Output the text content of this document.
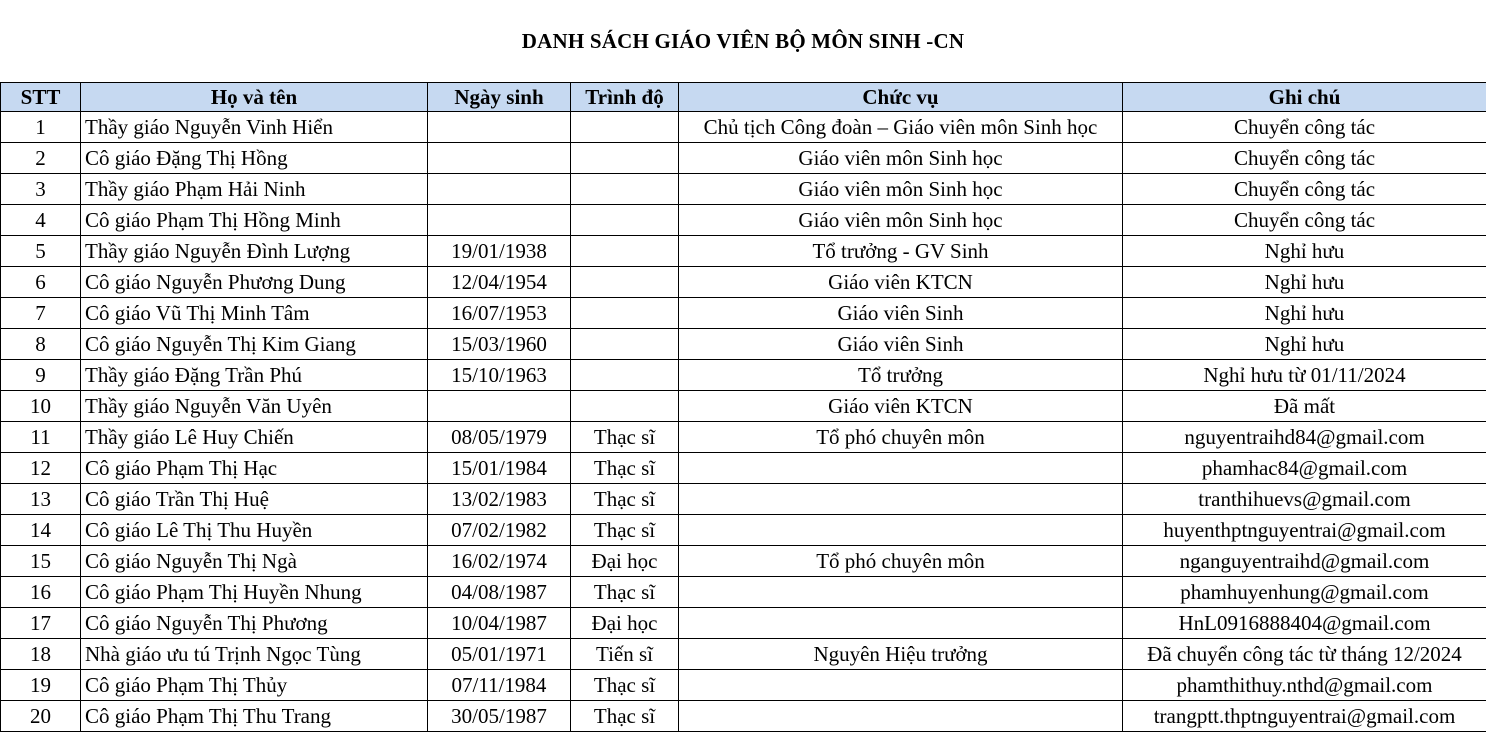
DANH SÁCH GIÁO VIÊN BỘ MÔN SINH -CN
STT	Họ và tên	Ngày sinh	Trình độ	Chức vụ	Ghi chú
1	Thầy giáo Nguyễn Vinh Hiển			Chủ tịch Công đoàn – Giáo viên môn Sinh học	Chuyển công tác
2	Cô giáo Đặng Thị Hồng			Giáo viên môn Sinh học	Chuyển công tác
3	Thầy giáo Phạm Hải Ninh			Giáo viên môn Sinh học	Chuyển công tác
4	Cô giáo Phạm Thị Hồng Minh			Giáo viên môn Sinh học	Chuyển công tác
5	Thầy giáo Nguyễn Đình Lượng	19/01/1938		Tổ trưởng - GV Sinh	Nghỉ hưu
6	Cô giáo Nguyễn Phương Dung	12/04/1954		Giáo viên KTCN	Nghỉ hưu
7	Cô giáo Vũ Thị Minh Tâm	16/07/1953		Giáo viên Sinh	Nghỉ hưu
8	Cô giáo Nguyễn Thị Kim Giang	15/03/1960		Giáo viên Sinh	Nghỉ hưu
9	Thầy giáo Đặng Trần Phú	15/10/1963		Tổ trưởng	Nghỉ hưu từ 01/11/2024
10	Thầy giáo Nguyễn Văn Uyên			Giáo viên KTCN	Đã mất
11	Thầy giáo Lê Huy Chiến	08/05/1979	Thạc sĩ	Tổ phó chuyên môn	nguyentraihd84@gmail.com
12	Cô giáo Phạm Thị Hạc	15/01/1984	Thạc sĩ		phamhac84@gmail.com
13	Cô giáo Trần Thị Huệ	13/02/1983	Thạc sĩ		tranthihuevs@gmail.com
14	Cô giáo Lê Thị Thu Huyền	07/02/1982	Thạc sĩ		huyenthptnguyentrai@gmail.com
15	Cô giáo Nguyễn Thị Ngà	16/02/1974	Đại học	Tổ phó chuyên môn	nganguyentraihd@gmail.com
16	Cô giáo Phạm Thị Huyền Nhung	04/08/1987	Thạc sĩ		phamhuyenhung@gmail.com
17	Cô giáo Nguyễn Thị Phương	10/04/1987	Đại học		HnL0916888404@gmail.com
18	Nhà giáo ưu tú Trịnh Ngọc Tùng	05/01/1971	Tiến sĩ	Nguyên Hiệu trưởng	Đã chuyển công tác từ tháng 12/2024
19	Cô giáo Phạm Thị Thủy	07/11/1984	Thạc sĩ		phamthithuy.nthd@gmail.com
20	Cô giáo Phạm Thị Thu Trang	30/05/1987	Thạc sĩ		trangptt.thptnguyentrai@gmail.com
